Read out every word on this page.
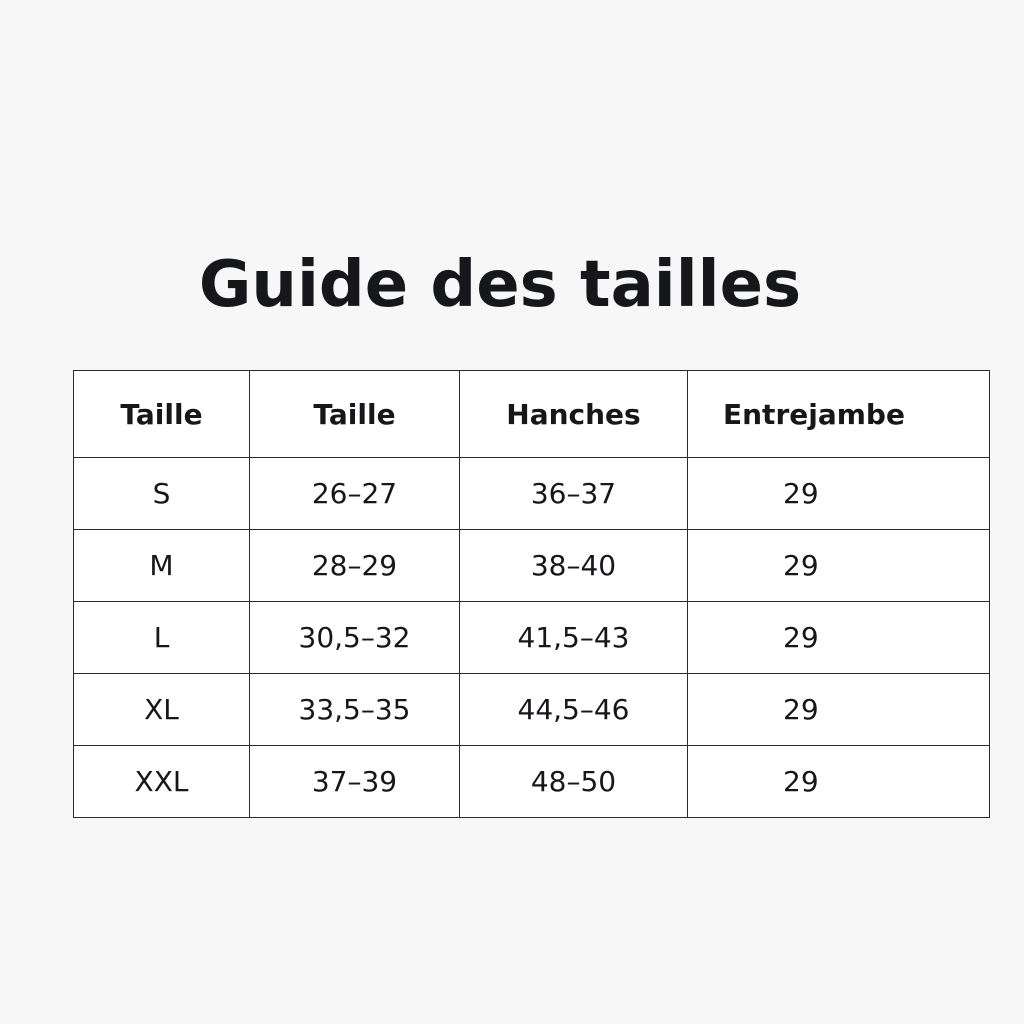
Guide des tailles
Taille	Taille	Hanches	Entrejambe
S	26–27	36–37	29
M	28–29	38–40	29
L	30,5–32	41,5–43	29
XL	33,5–35	44,5–46	29
XXL	37–39	48–50	29
